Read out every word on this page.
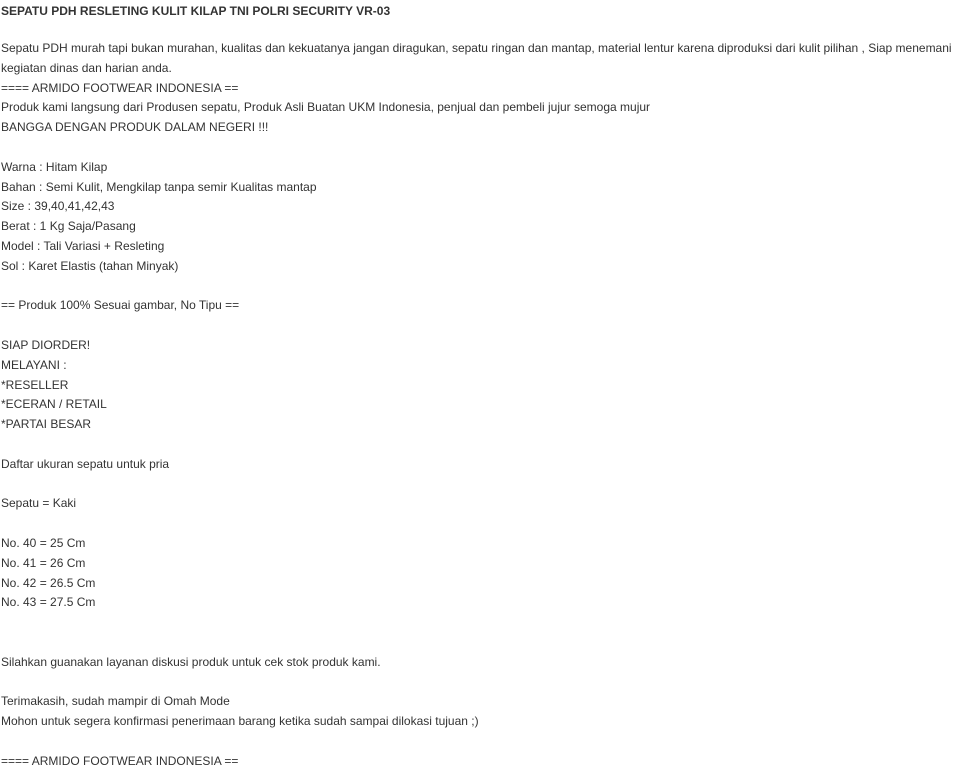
SEPATU PDH RESLETING KULIT KILAP TNI POLRI SECURITY VR-03
Sepatu PDH murah tapi bukan murahan, kualitas dan kekuatanya jangan diragukan, sepatu ringan dan mantap, material lentur karena diproduksi dari kulit pilihan , Siap menemani kegiatan dinas dan harian anda.
==== ARMIDO FOOTWEAR INDONESIA ==
Produk kami langsung dari Produsen sepatu, Produk Asli Buatan UKM Indonesia, penjual dan pembeli jujur semoga mujur
BANGGA DENGAN PRODUK DALAM NEGERI !!!
Warna : Hitam Kilap
Bahan : Semi Kulit, Mengkilap tanpa semir Kualitas mantap
Size : 39,40,41,42,43
Berat : 1 Kg Saja/Pasang
Model : Tali Variasi + Resleting
Sol : Karet Elastis (tahan Minyak)
== Produk 100% Sesuai gambar, No Tipu ==
SIAP DIORDER!
MELAYANI :
*RESELLER
*ECERAN / RETAIL
*PARTAI BESAR
Daftar ukuran sepatu untuk pria
Sepatu = Kaki
No. 40 = 25 Cm
No. 41 = 26 Cm
No. 42 = 26.5 Cm
No. 43 = 27.5 Cm
Silahkan guanakan layanan diskusi produk untuk cek stok produk kami.
Terimakasih, sudah mampir di Omah Mode
Mohon untuk segera konfirmasi penerimaan barang ketika sudah sampai dilokasi tujuan ;)
==== ARMIDO FOOTWEAR INDONESIA ==
